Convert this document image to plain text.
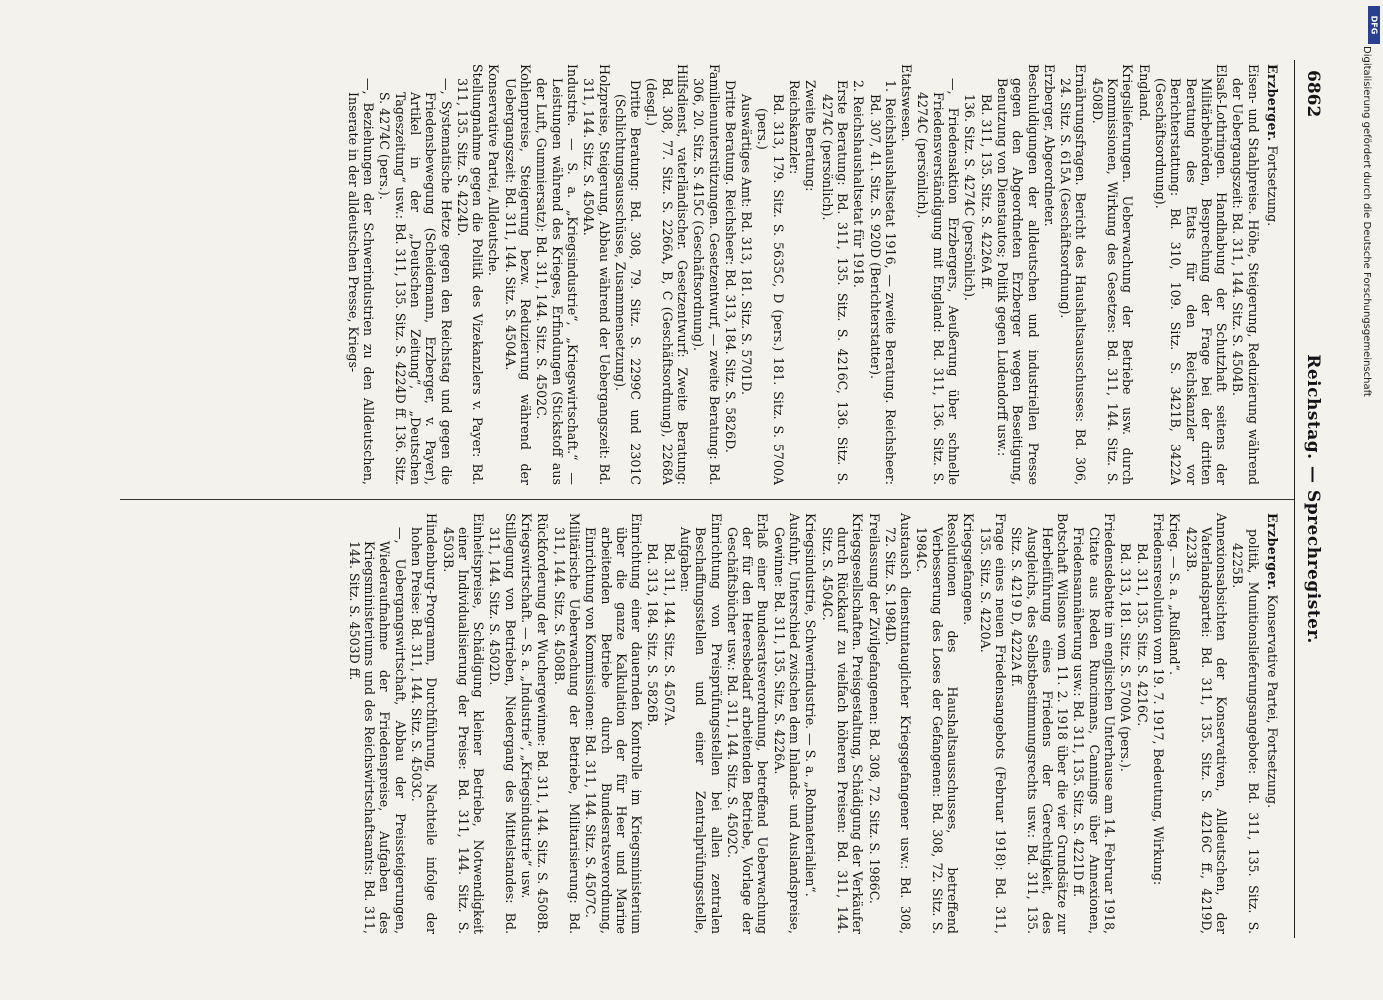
6862
Reichstag. — Sprechregister.
Erzberger. Fortsetzung.
Eisen- und Stahlpreise. Höhe, Steigerung, Reduzierung während der Uebergangszeit: Bd. 311, 144. Sitz. S. 4504B.
Elsaß-Lothringen. Handhabung der Schutzhaft seitens der Militärbehörden, Besprechung der Frage bei der dritten Beratung des Etats für den Reichskanzler vor Berichterstattung: Bd. 310, 109. Sitz. S. 3421B, 3422A (Geschäftsordnung).
England.
Kriegslieferungen. Ueberwachung der Betriebe usw. durch Kommissionen, Wirkung des Gesetzes: Bd. 311, 144. Sitz. S. 4508D.
Ernährungsfragen. Bericht des Haushaltsausschusses: Bd. 306, 24. Sitz. S. 615A (Geschäftsordnung).
Erzberger, Abgeordneter.
Beschuldigungen der alldeutschen und industriellen Presse gegen den Abgeordneten Erzberger wegen Beseitigung, Benutzung von Dienstautos; Politik gegen Ludendorff usw.:
Bd. 311, 135. Sitz. S. 4226A ff.
136. Sitz. S. 4274C (persönlich).
—, Friedensaktion Erzbergers, Aeußerung über schnelle Friedensverständigung mit England: Bd. 311, 136. Sitz. S. 4274C (persönlich).
Etatswesen.
1. Reichshaushaltsetat 1916, — zweite Beratung. Reichsheer: Bd. 307, 41. Sitz. S. 920D (Berichterstatter).
2. Reichshaushaltsetat für 1918.
Erste Beratung: Bd. 311, 135. Sitz. S. 4216C, 136. Sitz. S. 4274C (persönlich).
Zweite Beratung:
Reichskanzler:
Bd. 313, 179. Sitz. S. 5635C, D (pers.) 181. Sitz. S. 5700A (pers.)
Auswärtiges Amt: Bd. 313, 181. Sitz. S. 5701D.
Dritte Beratung. Reichsheer: Bd. 313, 184. Sitz. S. 5826D.
Familienunterstützungen. Gesetzentwurf, — zweite Beratung: Bd. 306, 20. Sitz. S. 415C (Geschäftsordnung).
Hilfsdienst, vaterländischer. Gesetzentwurf: Zweite Beratung: Bd. 308, 77. Sitz. S. 2266A, B, C (Geschäftsordnung), 2268A (desgl.)
Dritte Beratung: Bd. 308, 79. Sitz. S. 2299C und 2301C (Schlichtungsausschüsse, Zusammensetzung).
Holzpreise, Steigerung, Abbau während der Uebergangszeit: Bd. 311, 144. Sitz. S. 4504A.
Industrie. — S. a. „Kriegsindustrie“, „Kriegswirtschaft.“ — Leistungen während des Krieges, Erfindungen (Stickstoff aus der Luft, Gummiersatz): Bd. 311, 144. Sitz. S. 4502C.
Kohlenpreise, Steigerung bezw. Reduzierung während der Uebergangszeit: Bd. 311, 144. Sitz. S. 4504A.
Konservative Partei, Alldeutsche.
Stellungnahme gegen die Politik des Vizekanzlers v. Payer: Bd. 311, 135. Sitz. S. 4224D.
—, Systematische Hetze gegen den Reichstag und gegen die Friedensbewegung (Scheidemann, Erzberger, v. Payer), Artikel in der „Deutschen Zeitung“, „Deutschen Tageszeitung“ usw.: Bd. 311, 135. Sitz. S. 4224D ff. 136. Sitz. S. 4274C (pers.).
—, Beziehungen der Schwerindustrien zu den Alldeutschen, Inserate in der alldeutschen Presse, Kriegs-
Erzberger. Konservative Partei, Fortsetzung.
politik, Munitionslieferungsangebote: Bd. 311, 135. Sitz. S. 4225B.
Annexionsabsichten der Konservativen, Alldeutschen, der Vaterlandspartei: Bd. 311, 135. Sitz. S. 4216C ff., 4219D, 4223B.
Krieg. — S. a. „Rußland“.
Friedensresolution vom 19. 7. 1917, Bedeutung, Wirkung:
Bd. 311, 135. Sitz. S. 4216C.
Bd. 313, 181. Sitz. S. 5700A (pers.).
Friedensdebatte im englischen Unterhause am 14. Februar 1918, Citate aus Reden Runcimans, Cannings über Annexionen, Friedensannäherung usw.: Bd. 311, 135. Sitz. S. 4221D ff.
Botschaft Wilsons vom 11. 2. 1918 über die vier Grundsätze zur Herbeiführung eines Friedens der Gerechtigkeit, des Ausgleichs, des Selbstbestimmungsrechts usw.: Bd. 311, 135. Sitz. S. 4219 D, 4222A ff.
Frage eines neuen Friedensangebots (Februar 1918): Bd. 311, 135. Sitz. S. 4220A.
Kriegsgefangene.
Resolutionen des Haushaltsausschusses, betreffend Verbesserung des Loses der Gefangenen: Bd. 308, 72. Sitz. S. 1984C.
Austausch dienstuntauglicher Kriegsgefangener usw.: Bd. 308, 72. Sitz. S. 1984D.
Freilassung der Zivilgefangenen: Bd. 308, 72. Sitz. S. 1986C.
Kriegsgesellschaften. Preisgestaltung, Schädigung der Verkäufer durch Rückkauf zu vielfach höheren Preisen: Bd. 311, 144. Sitz. S. 4504C.
Kriegsindustrie, Schwerindustrie. — S. a. „Rohmaterialien“.
Ausfuhr, Unterschied zwischen dem Inlands- und Auslandspreise, Gewinne: Bd. 311, 135. Sitz. S. 4226A.
Erlaß einer Bundesratsverordnung, betreffend Ueberwachung der für den Heeresbedarf arbeitenden Betriebe, Vorlage der Geschäftsbücher usw.: Bd. 311, 144. Sitz. S. 4502C.
Einrichtung von Preisprüfungsstellen bei allen zentralen Beschaffungsstellen und einer Zentralprüfungsstelle, Aufgaben:
Bd. 311, 144. Sitz. S. 4507A.
Bd. 313, 184. Sitz. S. 5826B.
Einrichtung einer dauernden Kontrolle im Kriegsministerium über die ganze Kalkulation der für Heer und Marine arbeitenden Betriebe durch Bundesratsverordnung, Einrichtung von Kommissionen: Bd. 311, 144. Sitz. S. 4507C.
Militärische Ueberwachung der Betriebe, Militarisierung: Bd. 311, 144. Sitz. S. 4508B.
Rückforderung der Wuchergewinne: Bd. 311, 144. Sitz. S. 4508B.
Kriegswirtschaft. — S. a. „Industrie“, „Kriegsindustrie“ usw.
Stillegung von Betrieben, Niedergang des Mittelstandes: Bd. 311, 144. Sitz. S. 4502D.
Einheitspreise, Schädigung kleiner Betriebe, Notwendigkeit einer Individualisierung der Preise: Bd. 311, 144. Sitz. S. 4503B.
Hindenburg-Programm, Durchführung, Nachteile infolge der hohen Preise: Bd. 311, 144. Sitz. S. 4503C.
—, Uebergangswirtschaft, Abbau der Preissteigerungen, Wiederaufnahme der Friedenspreise, Aufgaben des Kriegsministeriums und des Reichswirtschaftsamts: Bd. 311, 144. Sitz. S. 4503D ff.
DFG
Digitalisierung gefördert durch die Deutsche Forschungsgemeinschaft
